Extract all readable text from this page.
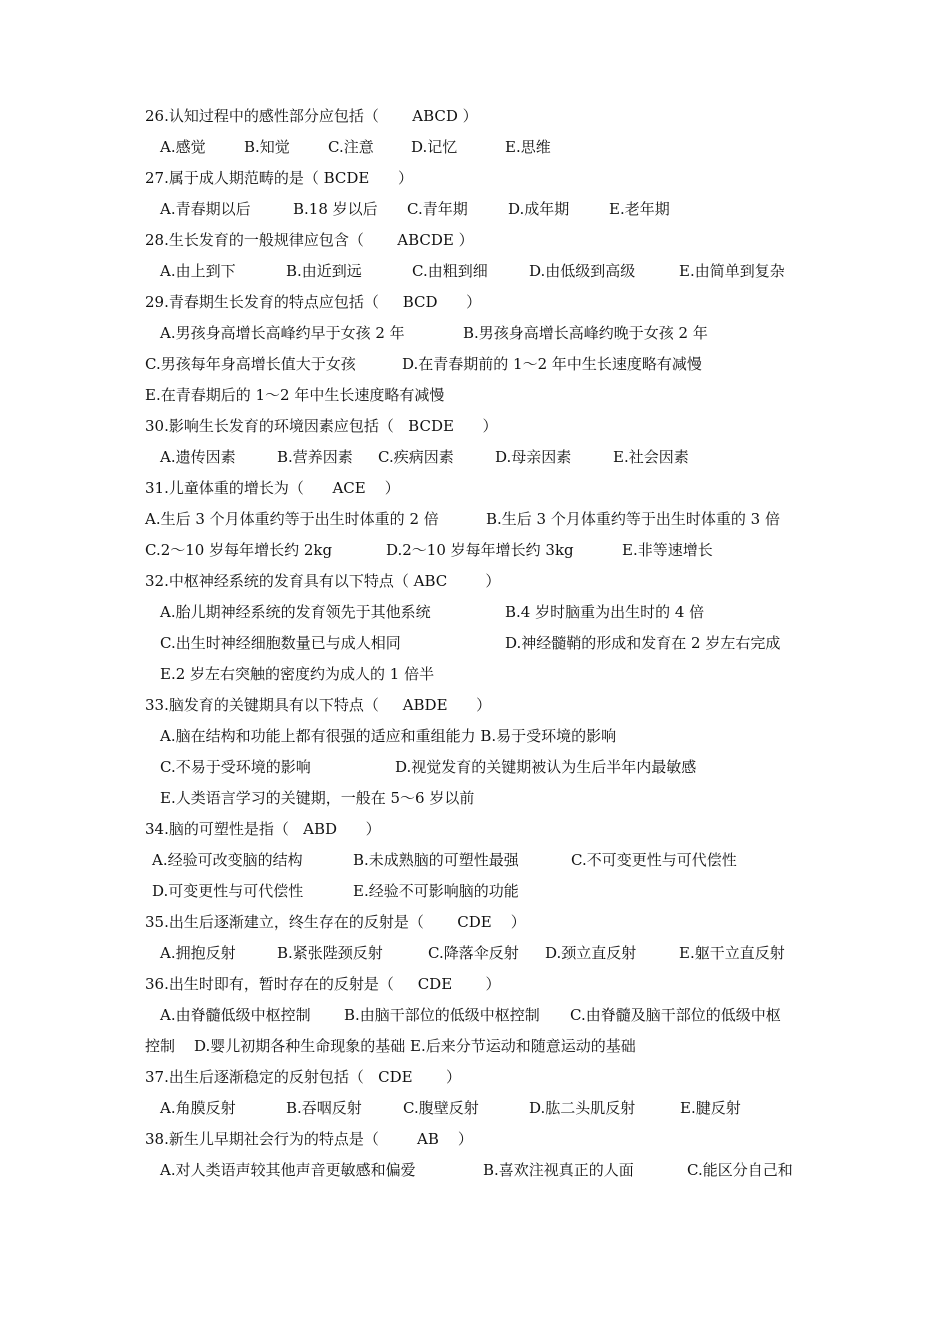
26.认知过程中的感性部分应包括（       ABCD ）

A.感觉

	B.知觉

	C.注意

D.记忆

	E.思维

27.属于成人期范畴的是（ BCDE      ）

A.青春期以后

	B.18 岁以后

C.青年期

	D.成年期

	E.老年期

28.生长发育的一般规律应包含（       ABCDE ）

A.由上到下

	B.由近到远

	C.由粗到细

	D.由低级到高级

	E.由简单到复杂

29.青春期生长发育的特点应包括（     BCD      ）

A.男孩身高增长高峰约早于女孩 2 年

	B.男孩身高增长高峰约晚于女孩 2 年

C.男孩每年身高增长值大于女孩

	D.在青春期前的 1～2 年中生长速度略有减慢

E.在青春期后的 1～2 年中生长速度略有减慢

30.影响生长发育的环境因素应包括（   BCDE      ）

A.遗传因素

	B.营养因素

C.疾病因素

	D.母亲因素

	E.社会因素

31.儿童体重的增长为（      ACE    ）

A.生后 3 个月体重约等于出生时体重的 2 倍

	B.生后 3 个月体重约等于出生时体重的 3 倍

C.2～10 岁每年增长约 2kg

	D.2～10 岁每年增长约 3kg

	E.非等速增长

32.中枢神经系统的发育具有以下特点（ ABC        ）

A.胎儿期神经系统的发育领先于其他系统

	B.4 岁时脑重为出生时的 4 倍

C.出生时神经细胞数量已与成人相同

	D.神经髓鞘的形成和发育在 2 岁左右完成

E.2 岁左右突触的密度约为成人的 1 倍半

33.脑发育的关键期具有以下特点（     ABDE      ）

A.脑在结构和功能上都有很强的适应和重组能力 B.易于受环境的影响

C.不易于受环境的影响

	D.视觉发育的关键期被认为生后半年内最敏感

E.人类语言学习的关键期，一般在 5～6 岁以前

34.脑的可塑性是指（   ABD      ）

A.经验可改变脑的结构

	B.未成熟脑的可塑性最强

	C.不可变更性与可代偿性

D.可变更性与可代偿性

	E.经验不可影响脑的功能

35.出生后逐渐建立，终生存在的反射是（       CDE    ）

A.拥抱反射

	B.紧张陛颈反射

	C.降落伞反射

D.颈立直反射

	E.躯干立直反射

36.出生时即有，暂时存在的反射是（     CDE       ）

A.由脊髓低级中枢控制

B.由脑干部位的低级中枢控制

C.由脊髓及脑干部位的低级中枢

控制

D.婴儿初期各种生命现象的基础 E.后来分节运动和随意运动的基础

37.出生后逐渐稳定的反射包括（   CDE       ）

A.角膜反射

	B.吞咽反射

	C.腹壁反射

	D.肱二头肌反射

	E.腱反射

38.新生儿早期社会行为的特点是（        AB    ）

A.对人类语声较其他声音更敏感和偏爱

	B.喜欢注视真正的人面

	C.能区分自己和
